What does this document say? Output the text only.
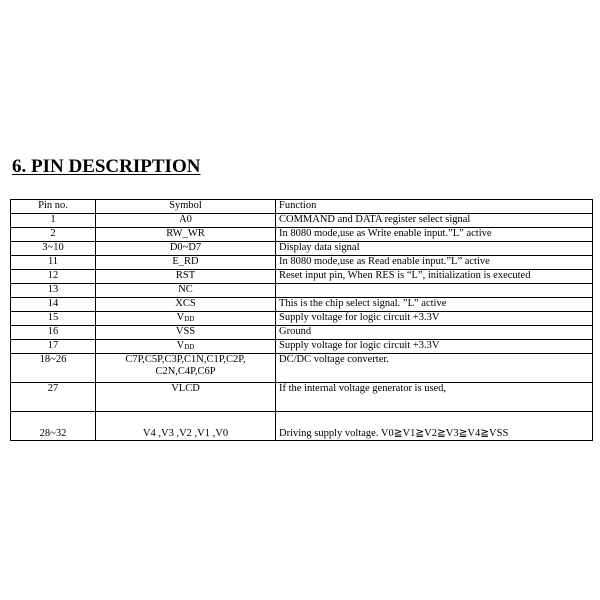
6. PIN DESCRIPTION
Pin no.	Symbol	Function
1	A0	COMMAND and DATA register select signal
2	RW_WR	In 8080 mode,use as Write enable input.”L” active
3~10	D0~D7	Display data signal
11	E_RD	In 8080 mode,use as Read enable input.”L” active
12	RST	Reset input pin, When RES is “L”, initialization is executed
13	NC	
14	XCS	This is the chip select signal. ”L” active
15	$V_{DD}$	Supply voltage for logic circuit +3.3V
16	VSS	Ground
17	$V_{DD}$	Supply voltage for logic circuit +3.3V
18~26	C7P,C5P,C3P,C1N,C1P,C2P,
C2N,C4P,C6P	DC/DC voltage converter.
27	VLCD	If the internal voltage generator is used,
28~32	V4 ,V3 ,V2 ,V1 ,V0	Driving supply voltage. V0≧V1≧V2≧V3≧V4≧VSS
